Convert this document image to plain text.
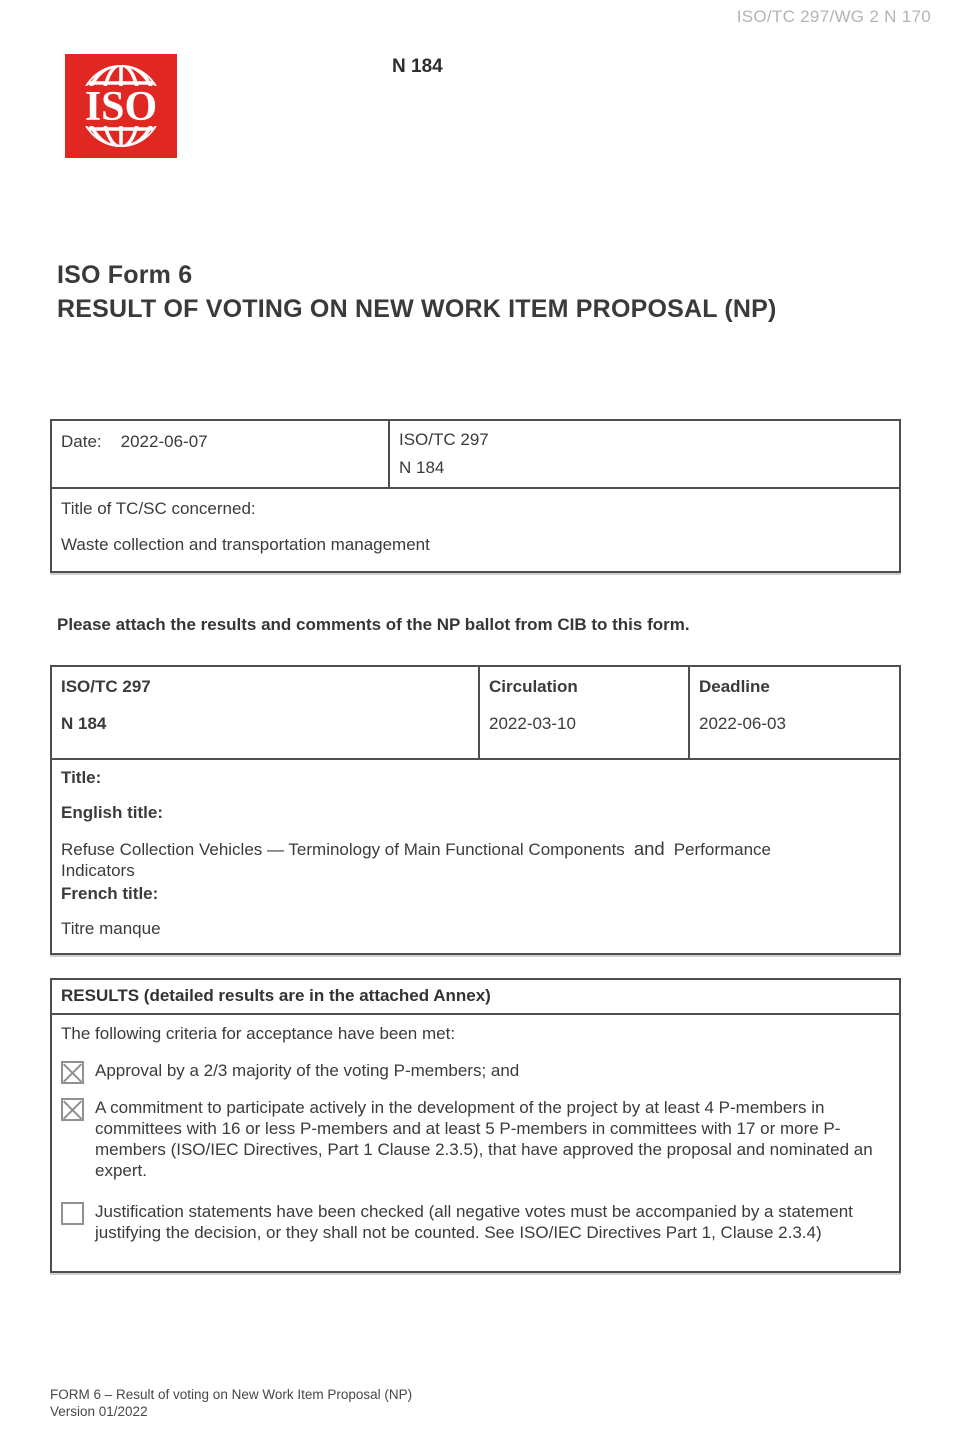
ISO/TC 297/WG 2 N 170
ISO
N 184
ISO Form 6
RESULT OF VOTING ON NEW WORK ITEM PROPOSAL (NP)
Date: 2022-06-07	ISO/TC 297
N 184
Title of TC/SC concerned:
Waste collection and transportation management
Please attach the results and comments of the NP ballot from CIB to this form.
ISO/TC 297
N 184
Circulation
2022-03-10
Deadline
2022-06-03
Title:
English title:
Refuse Collection Vehicles — Terminology of Main Functional Components and Performance Indicators
French title:
Titre manque
RESULTS (detailed results are in the attached Annex)
The following criteria for acceptance have been met:
Approval by a 2/3 majority of the voting P-members; and
A commitment to participate actively in the development of the project by at least 4 P-members in committees with 16 or less P-members and at least 5 P-members in committees with 17 or more P-members (ISO/IEC Directives, Part 1 Clause 2.3.5), that have approved the proposal and nominated an expert.
Justification statements have been checked (all negative votes must be accompanied by a statement justifying the decision, or they shall not be counted. See ISO/IEC Directives Part 1, Clause 2.3.4)
FORM 6 – Result of voting on New Work Item Proposal (NP)
Version 01/2022
